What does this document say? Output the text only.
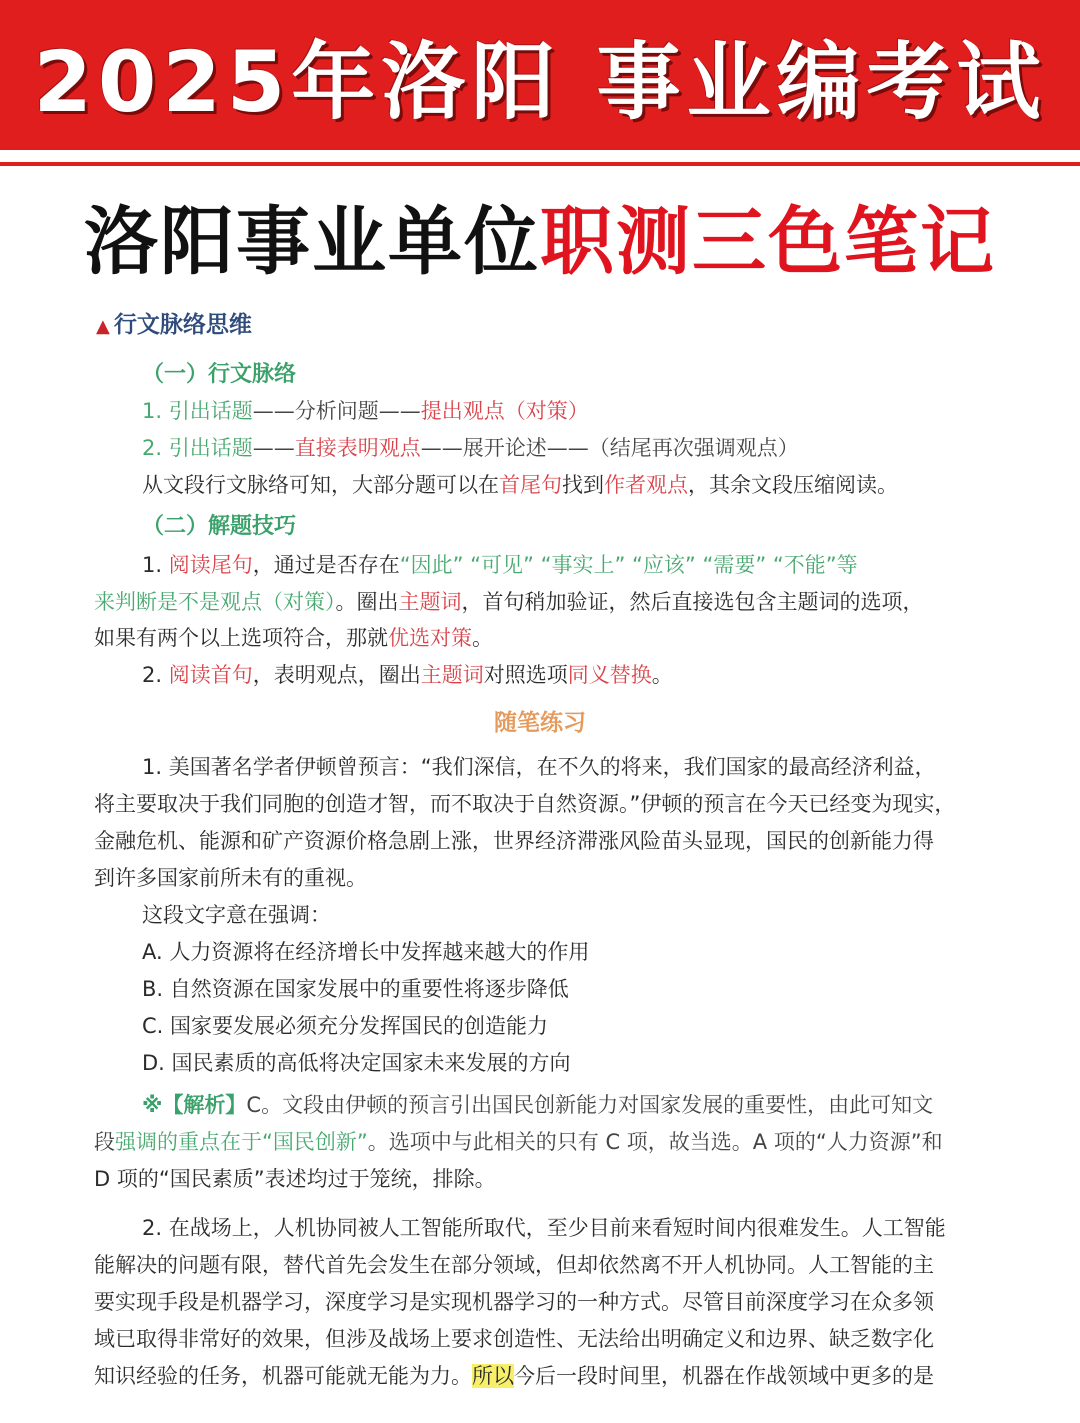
2025年洛阳 事业编考试
洛阳事业单位 职测三色笔记
▲ 行文脉络思维
（一）行文脉络
1. 引出话题——分析问题——提出观点（对策）
2. 引出话题——直接表明观点——展开论述——（结尾再次强调观点）
从文段行文脉络可知，大部分题可以在首尾句找到作者观点，其余文段压缩阅读。
（二）解题技巧
1. 阅读尾句，通过是否存在“因此” “可见” “事实上” “应该” “需要” “不能”等
来判断是不是观点（对策）。圈出主题词，首句稍加验证，然后直接选包含主题词的选项，
如果有两个以上选项符合，那就优选对策。
2. 阅读首句，表明观点，圈出主题词对照选项同义替换。
随笔练习
1. 美国著名学者伊顿曾预言：“我们深信，在不久的将来，我们国家的最高经济利益，
将主要取决于我们同胞的创造才智，而不取决于自然资源。”伊顿的预言在今天已经变为现实，
金融危机、能源和矿产资源价格急剧上涨，世界经济滞涨风险苗头显现，国民的创新能力得
到许多国家前所未有的重视。
这段文字意在强调：
A. 人力资源将在经济增长中发挥越来越大的作用
B. 自然资源在国家发展中的重要性将逐步降低
C. 国家要发展必须充分发挥国民的创造能力
D. 国民素质的高低将决定国家未来发展的方向
※【解析】C。文段由伊顿的预言引出国民创新能力对国家发展的重要性，由此可知文
段强调的重点在于“国民创新”。选项中与此相关的只有 C 项，故当选。A 项的“人力资源”和
D 项的“国民素质”表述均过于笼统，排除。
2. 在战场上，人机协同被人工智能所取代，至少目前来看短时间内很难发生。人工智能
能解决的问题有限，替代首先会发生在部分领域，但却依然离不开人机协同。人工智能的主
要实现手段是机器学习，深度学习是实现机器学习的一种方式。尽管目前深度学习在众多领
域已取得非常好的效果，但涉及战场上要求创造性、无法给出明确定义和边界、缺乏数字化
知识经验的任务，机器可能就无能为力。所以今后一段时间里，机器在作战领域中更多的是
